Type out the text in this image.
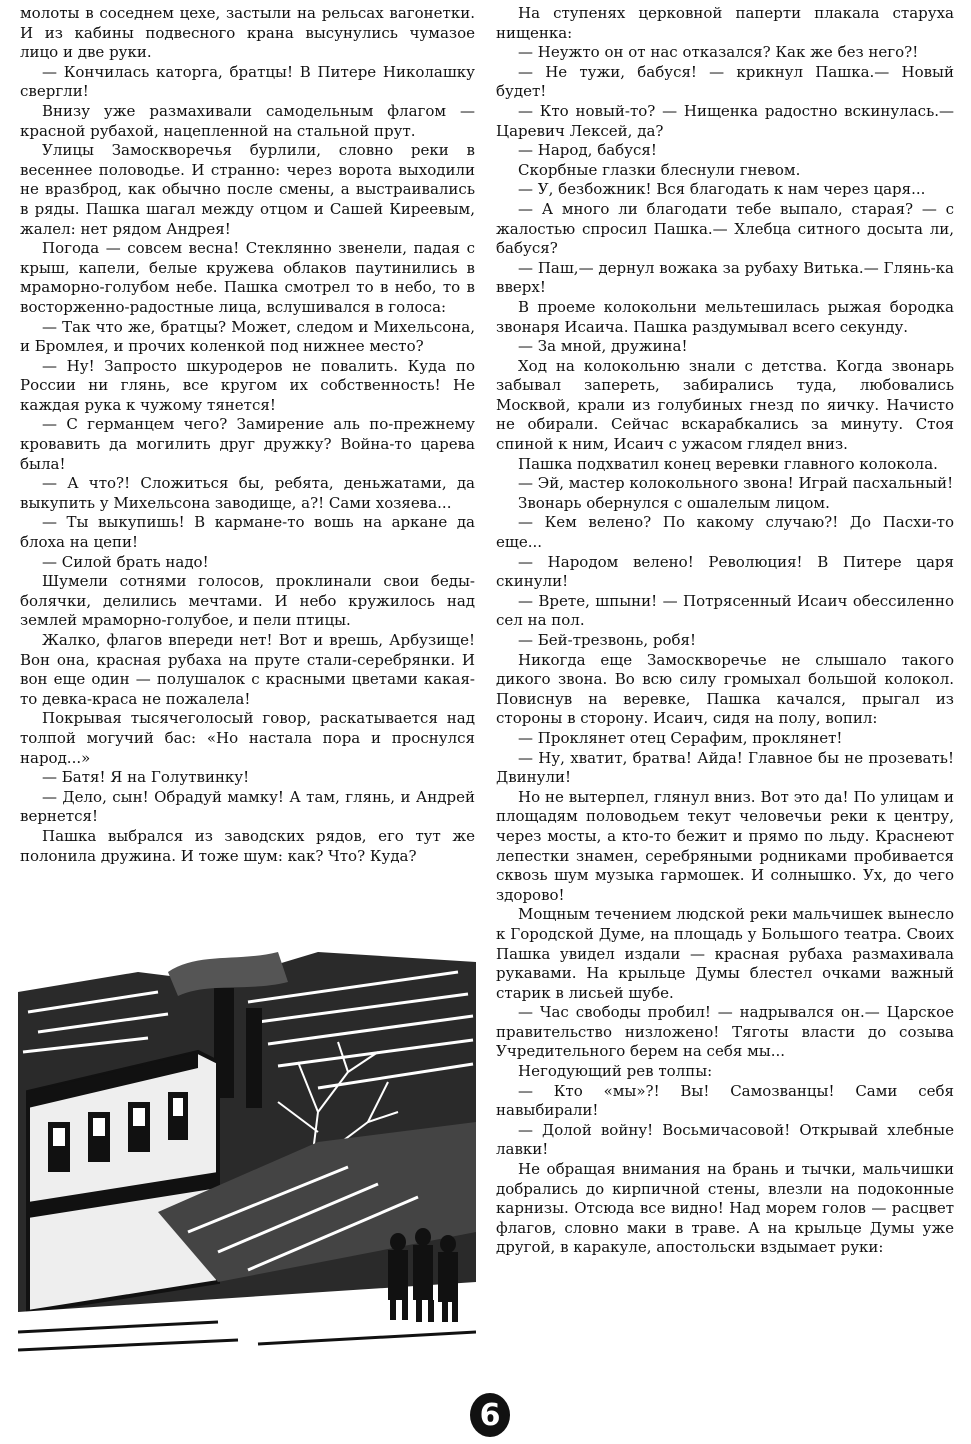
молоты в соседнем цехе, застыли на рельсах вагонетки. И из кабины подвесного крана высунулись чумазое лицо и две руки.

— Кончилась каторга, братцы! В Питере Николашку свергли!

Внизу уже размахивали самодельным флагом — красной рубахой, нацепленной на стальной прут.

Улицы Замоскворечья бурлили, словно реки в весеннее половодье. И странно: через ворота выходили не вразброд, как обычно после смены, а выстраивались в ряды. Пашка шагал между отцом и Сашей Киреевым, жалел: нет рядом Андрея!

Погода — совсем весна! Стеклянно звенели, падая с крыш, капели, белые кружева облаков паутинились в мраморно-голубом небе. Пашка смотрел то в небо, то в восторженно-радостные лица, вслушивался в голоса:

— Так что же, братцы? Может, следом и Михельсона, и Бромлея, и прочих коленкой под нижнее место?

— Ну! Запросто шкуродеров не повалить. Куда по России ни глянь, все кругом их собственность! Не каждая рука к чужому тянется!

— С германцем чего? Замирение аль по-прежнему кровавить да могилить друг дружку? Война-то царева была!

— А что?! Сложиться бы, ребята, деньжатами, да выкупить у Михельсона заводище, а?! Сами хозяева...

— Ты выкупишь! В кармане-то вошь на аркане да блоха на цепи!

— Силой брать надо!

Шумели сотнями голосов, проклинали свои беды-болячки, делились мечтами. И небо кружилось над землей мраморно-голубое, и пели птицы.

Жалко, флагов впереди нет! Вот и врешь, Арбузище! Вон она, красная рубаха на пруте стали-серебрянки. И вон еще один — полушалок с красными цветами какая-то девка-краса не пожалела!

Покрывая тысячеголосый говор, раскатывается над толпой могучий бас: «Но настала пора и проснулся народ...»

— Батя! Я на Голутвинку!

— Дело, сын! Обрадуй мамку! А там, глянь, и Андрей вернется!

Пашка выбрался из заводских рядов, его тут же полонила дружина. И тоже шум: как? Что? Куда?

На ступенях церковной паперти плакала старуха нищенка:

— Неужто он от нас отказался? Как же без него?!

— Не тужи, бабуся! — крикнул Пашка.— Новый будет!

— Кто новый-то? — Нищенка радостно вскинулась.— Царевич Лексей, да?

— Народ, бабуся!

Скорбные глазки блеснули гневом.

— У, безбожник! Вся благодать к нам через царя...

— А много ли благодати тебе выпало, старая? — с жалостью спросил Пашка.— Хлебца ситного досыта ли, бабуся?

— Паш,— дернул вожака за рубаху Витька.— Глянь-ка вверх!

В проеме колокольни мельтешилась рыжая бородка звонаря Исаича. Пашка раздумывал всего секунду.

— За мной, дружина!

Ход на колокольню знали с детства. Когда звонарь забывал запереть, забирались туда, любовались Москвой, крали из голубиных гнезд по яичку. Начисто не обирали. Сейчас вскарабкались за минуту. Стоя спиной к ним, Исаич с ужасом глядел вниз.

Пашка подхватил конец веревки главного колокола.

— Эй, мастер колокольного звона! Играй пасхальный!

Звонарь обернулся с ошалелым лицом.

— Кем велено? По какому случаю?! До Пасхи-то еще...

— Народом велено! Революция! В Питере царя скинули!

— Врете, шпыни! — Потрясенный Исаич обессиленно сел на пол.

— Бей-трезвонь, робя!

Никогда еще Замоскворечье не слышало такого дикого звона. Во всю силу громыхал большой колокол. Повиснув на веревке, Пашка качался, прыгал из стороны в сторону. Исаич, сидя на полу, вопил:

— Проклянет отец Серафим, проклянет!

— Ну, хватит, братва! Айда! Главное бы не прозевать! Двинули!

Но не вытерпел, глянул вниз. Вот это да! По улицам и площадям половодьем текут человечьи реки к центру, через мосты, а кто-то бежит и прямо по льду. Краснеют лепестки знамен, серебряными родниками пробивается сквозь шум музыка гармошек. И солнышко. Ух, до чего здорово!

Мощным течением людской реки мальчишек вынесло к Городской Думе, на площадь у Большого театра. Своих Пашка увидел издали — красная рубаха размахивала рукавами. На крыльце Думы блестел очками важный старик в лисьей шубе.

— Час свободы пробил! — надрывался он.— Царское правительство низложено! Тяготы власти до созыва Учредительного берем на себя мы...

Негодующий рев толпы:

— Кто «мы»?! Вы! Самозванцы! Сами себя навыбирали!

— Долой войну! Восьмичасовой! Открывай хлебные лавки!

Не обращая внимания на брань и тычки, мальчишки добрались до кирпичной стены, влезли на подоконные карнизы. Отсюда все видно! Над морем голов — расцвет флагов, словно маки в траве. А на крыльце Думы уже другой, в каракуле, апостольски вздымает руки:

6
